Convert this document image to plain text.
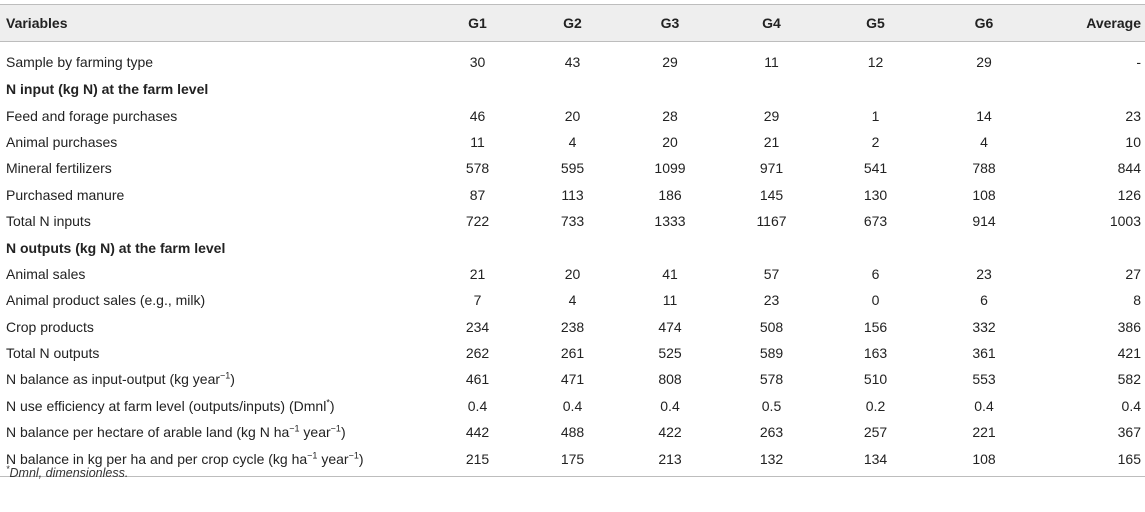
Variables	G1	G2	G3	G4	G5	G6	Average
Sample by farming type	30	43	29	11	12	29	-
N input (kg N) at the farm level							
Feed and forage purchases	46	20	28	29	1	14	23
Animal purchases	11	4	20	21	2	4	10
Mineral fertilizers	578	595	1099	971	541	788	844
Purchased manure	87	113	186	145	130	108	126
Total N inputs	722	733	1333	1167	673	914	1003
N outputs (kg N) at the farm level							
Animal sales	21	20	41	57	6	23	27
Animal product sales (e.g., milk)	7	4	11	23	0	6	8
Crop products	234	238	474	508	156	332	386
Total N outputs	262	261	525	589	163	361	421
N balance as input-output (kg year$^{-1}$)	461	471	808	578	510	553	582
N use efficiency at farm level (outputs/inputs) (Dmnl*)	0.4	0.4	0.4	0.5	0.2	0.4	0.4
N balance per hectare of arable land (kg N $ha^{-1}$ year$^{-1}$)	442	488	422	263	257	221	367
N balance in kg per ha and per crop cycle (kg $ha^{-1}$ year$^{-1}$)	215	175	213	132	134	108	165
*Dmnl, dimensionless.
